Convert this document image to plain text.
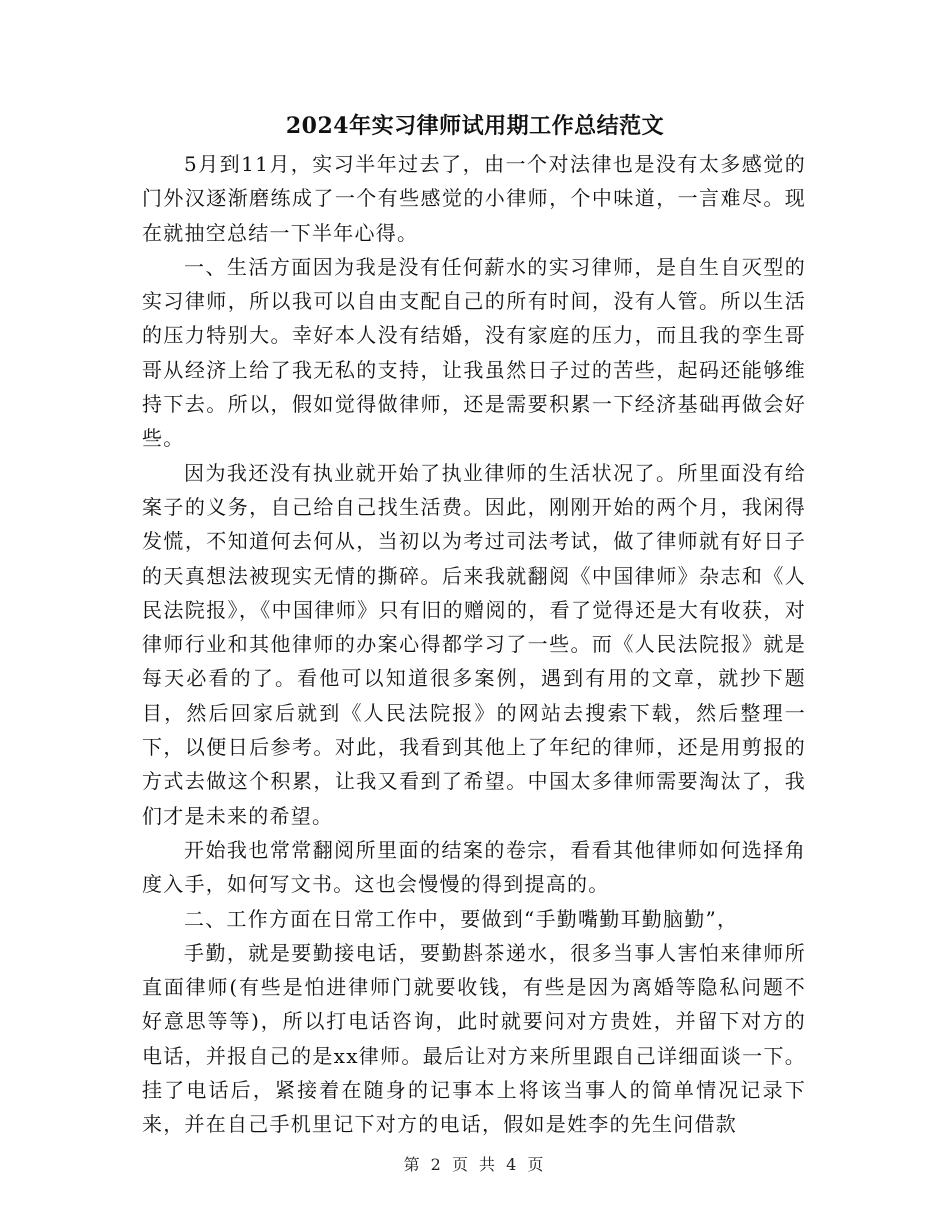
2024年实习律师试用期工作总结范文

5月到11月，实习半年过去了，由一个对法律也是没有太多感觉的门外汉逐渐磨练成了一个有些感觉的小律师，个中味道，一言难尽。现在就抽空总结一下半年心得。

一、生活方面因为我是没有任何薪水的实习律师，是自生自灭型的实习律师，所以我可以自由支配自己的所有时间，没有人管。所以生活的压力特别大。幸好本人没有结婚，没有家庭的压力，而且我的孪生哥哥从经济上给了我无私的支持，让我虽然日子过的苦些，起码还能够维持下去。所以，假如觉得做律师，还是需要积累一下经济基础再做会好些。

因为我还没有执业就开始了执业律师的生活状况了。所里面没有给案子的义务，自己给自己找生活费。因此，刚刚开始的两个月，我闲得发慌，不知道何去何从，当初以为考过司法考试，做了律师就有好日子的天真想法被现实无情的撕碎。后来我就翻阅《中国律师》杂志和《人民法院报》，《中国律师》只有旧的赠阅的，看了觉得还是大有收获，对律师行业和其他律师的办案心得都学习了一些。而《人民法院报》就是每天必看的了。看他可以知道很多案例，遇到有用的文章，就抄下题目，然后回家后就到《人民法院报》的网站去搜索下载，然后整理一下，以便日后参考。对此，我看到其他上了年纪的律师，还是用剪报的方式去做这个积累，让我又看到了希望。中国太多律师需要淘汰了，我们才是未来的希望。

开始我也常常翻阅所里面的结案的卷宗，看看其他律师如何选择角度入手，如何写文书。这也会慢慢的得到提高的。

二、工作方面在日常工作中，要做到“手勤嘴勤耳勤脑勤”，

手勤，就是要勤接电话，要勤斟茶递水，很多当事人害怕来律师所直面律师(有些是怕进律师门就要收钱，有些是因为离婚等隐私问题不好意思等等)，所以打电话咨询，此时就要问对方贵姓，并留下对方的电话，并报自己的是xx律师。最后让对方来所里跟自己详细面谈一下。挂了电话后，紧接着在随身的记事本上将该当事人的简单情况记录下来，并在自己手机里记下对方的电话，假如是姓李的先生问借款

第 2 页 共 4 页
